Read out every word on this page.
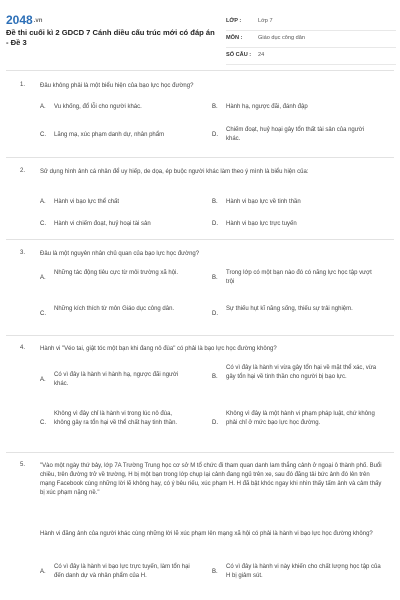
2048.vn
Đề thi cuối kì 2 GDCD 7 Cánh diều cấu trúc mới có đáp án - Đề 3
LỚP :	Lớp 7
MÔN :	Giáo dục công dân
SỐ CÂU : 24
1. Đâu không phải là một biểu hiện của bạo lực học đường?
A. Vu khống, đổ lỗi cho người khác.	B. Hành hạ, ngược đãi, đánh đập
C. Lăng mạ, xúc phạm danh dự, nhân phẩm	D.
Chiếm đoạt, huỷ hoại gây tổn thất tài sản của người khác.
2. Sử dụng hình ảnh cá nhân để uy hiếp, de dọa, ép buộc người khác làm theo ý mình là biểu hiện của:
A. Hành vi bạo lực thể chất	B. Hành vi bạo lực về tinh thần
C. Hành vi chiếm đoạt, huỷ hoại tài sản	D. Hành vi bạo lực trực tuyến
3. Đâu là một nguyên nhân chủ quan của bạo lực học đường?
A.
Những tác động tiêu cực từ môi trường xã hội.
B.
Trong lớp có một bạn nào đó có năng lực học tập vượt trội
C.
Những kích thích từ môn Giáo dục công dân.
D.
Sự thiếu hụt kĩ năng sống, thiếu sự trải nghiệm.
4. Hành vi "Véo tai, giật tóc một bạn khi đang nô đùa" có phải là bạo lực học đường không?
A.
Có vì đây là hành vi hành hạ, ngược đãi người khác.
B.
Có vì đây là hành vi vừa gây tổn hại về mặt thể xác, vừa gây tổn hại về tinh thần cho người bị bạo lực.
C.
Không vì đây chỉ là hành vi trong lúc nô đùa, không gây ra tổn hại về thể chất hay tinh thần.	D.
Không vì đây là một hành vi phạm pháp luật, chứ không phải chỉ ở mức bạo lực học đường.
5. "Vào một ngày thứ bảy, lớp 7A Trường Trung học cơ sở M tổ chức đi tham quan danh lam thắng cảnh ở ngoại ô thành phố. Buổi chiều, trên đường trở về trường, H bị một bạn trong lớp chụp lại cảnh đang ngủ trên xe, sau đó đăng tải bức ảnh đó lên trên mạng Facebook cùng những lời lẽ không hay, có ý bêu riếu, xúc phạm H. H đã bật khóc ngay khi nhìn thấy tấm ảnh và cảm thấy bị xúc phạm nặng nề."
Hành vi đăng ảnh của người khác cùng những lời lẽ xúc phạm lên mạng xã hội có phải là hành vi bạo lực học đường không?
A.
Có vì đây là hành vi bạo lực trực tuyến, làm tổn hại đến danh dự và nhân phẩm của H.
B.
Có vì đây là hành vi này khiến cho chất lượng học tập của H bị giảm sút.
